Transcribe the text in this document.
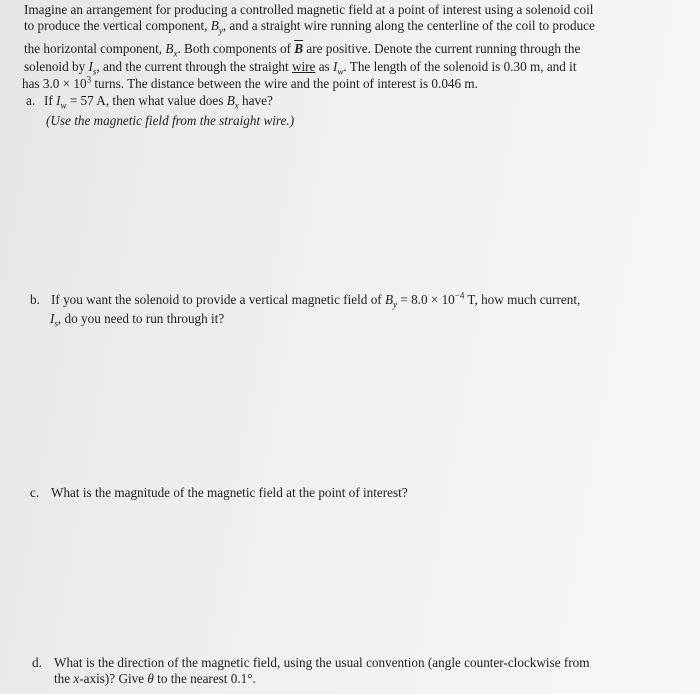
Imagine an arrangement for producing a controlled magnetic field at a point of interest using a solenoid coil
to produce the vertical component, $B_y$, and a straight wire running along the centerline of the coil to produce
the horizontal component, $B_x$. Both components of $\overline{B}$ are positive. Denote the current running through the
solenoid by $I_s$, and the current through the straight wire as $I_w$. The length of the solenoid is 0.30 m, and it
has $3.0 \times 10^3$ turns. The distance between the wire and the point of interest is 0.046 m.
a. If $I_w = 57$ A, then what value does $B_x$ have?
(Use the magnetic field from the straight wire.)
b. If you want the solenoid to provide a vertical magnetic field of $B_y = 8.0 \times 10^{-4}$ T, how much current,
$I_s$, do you need to run through it?
c. What is the magnitude of the magnetic field at the point of interest?
d. What is the direction of the magnetic field, using the usual convention (angle counter-clockwise from
the x-axis)? Give θ to the nearest 0.1°.
